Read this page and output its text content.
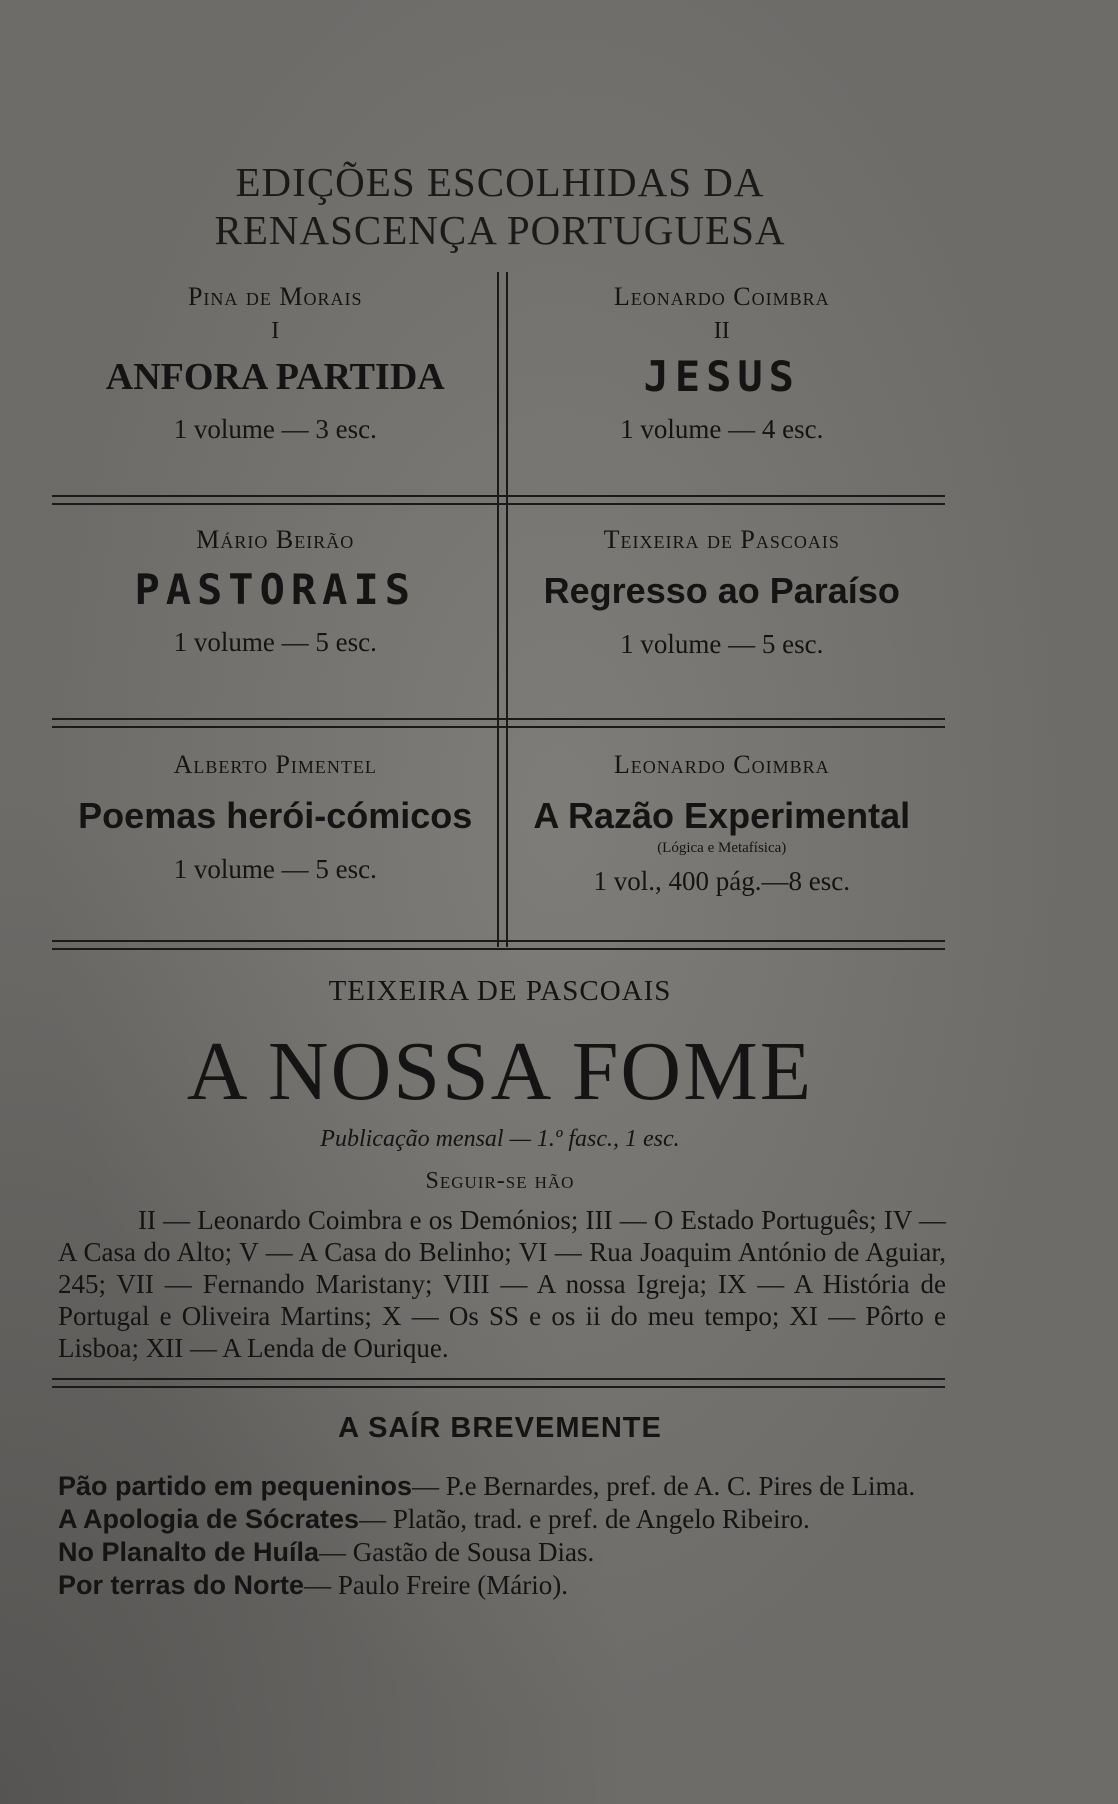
EDIÇÕES ESCOLHIDAS DA
RENASCENÇA PORTUGUESA
Pina de Morais
I
ANFORA PARTIDA
1 volume — 3 esc.
Leonardo Coimbra
II
JESUS
1 volume — 4 esc.
Mário Beirão
PASTORAIS
1 volume — 5 esc.
Teixeira de Pascoais
Regresso ao Paraíso
1 volume — 5 esc.
Alberto Pimentel
Poemas herói-cómicos
1 volume — 5 esc.
Leonardo Coimbra
A Razão Experimental
(Lógica e Metafísica)
1 vol., 400 pág.—8 esc.
TEIXEIRA DE PASCOAIS
A NOSSA FOME
Publicação mensal — 1.º fasc., 1 esc.
Seguir-se hão
II — Leonardo Coimbra e os Demónios; III — O Estado Português; IV — A Casa do Alto; V — A Casa do Belinho; VI — Rua Joaquim António de Aguiar, 245; VII — Fernando Maristany; VIII — A nossa Igreja; IX — A História de Portugal e Oliveira Martins; X — Os SS e os ii do meu tempo; XI — Pôrto e Lisboa; XII — A Lenda de Ourique.
A SAÍR BREVEMENTE
Pão partido em pequeninos— P.e Bernardes, pref. de A. C. Pires de Lima.
A Apologia de Sócrates— Platão, trad. e pref. de Angelo Ribeiro.
No Planalto de Huíla— Gastão de Sousa Dias.
Por terras do Norte— Paulo Freire (Mário).
